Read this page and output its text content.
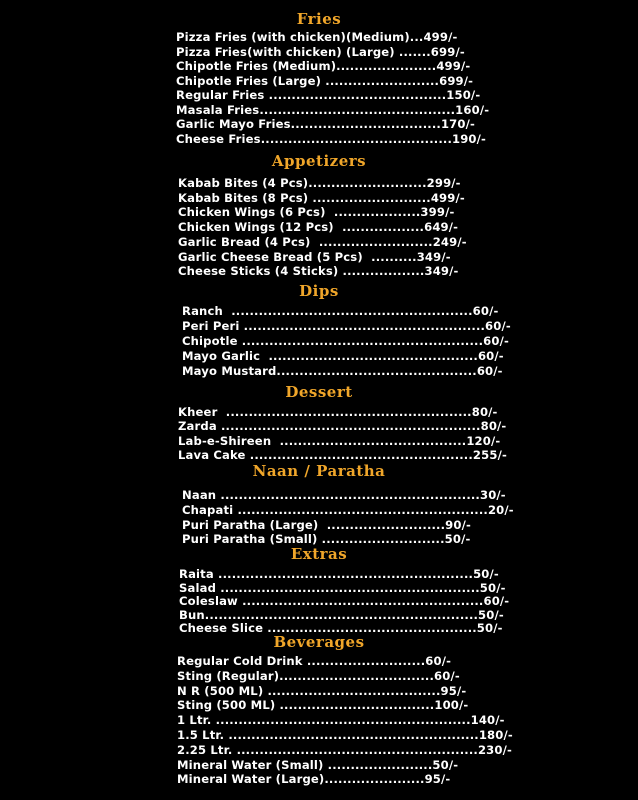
Fries
Pizza Fries (with chicken)(Medium)...499/-
Pizza Fries(with chicken) (Large) .......699/-
Chipotle Fries (Medium)......................499/-
Chipotle Fries (Large) .........................699/-
Regular Fries .......................................150/-
Masala Fries...........................................160/-
Garlic Mayo Fries.................................170/-
Cheese Fries..........................................190/-
Appetizers
Kabab Bites (4 Pcs)..........................299/-
Kabab Bites (8 Pcs) ..........................499/-
Chicken Wings (6 Pcs)  ...................399/-
Chicken Wings (12 Pcs)  ..................649/-
Garlic Bread (4 Pcs)  .........................249/-
Garlic Cheese Bread (5 Pcs)  ..........349/-
Cheese Sticks (4 Sticks) ..................349/-
Dips
Ranch  .....................................................60/-
Peri Peri .....................................................60/-
Chipotle .....................................................60/-
Mayo Garlic  ..............................................60/-
Mayo Mustard............................................60/-
Dessert
Kheer  ......................................................80/-
Zarda .........................................................80/-
Lab-e-Shireen  .........................................120/-
Lava Cake .................................................255/-
Naan / Paratha
Naan .........................................................30/-
Chapati .......................................................20/-
Puri Paratha (Large)  ..........................90/-
Puri Paratha (Small) ...........................50/-
Extras
Raita ........................................................50/-
Salad .........................................................50/-
Coleslaw .....................................................60/-
Bun............................................................50/-
Cheese Slice ..............................................50/-
Beverages
Regular Cold Drink ..........................60/-
Sting (Regular)..................................60/-
N R (500 ML) ......................................95/-
Sting (500 ML) ..................................100/-
1 Ltr. ........................................................140/-
1.5 Ltr. .......................................................180/-
2.25 Ltr. .....................................................230/-
Mineral Water (Small) .......................50/-
Mineral Water (Large)......................95/-
